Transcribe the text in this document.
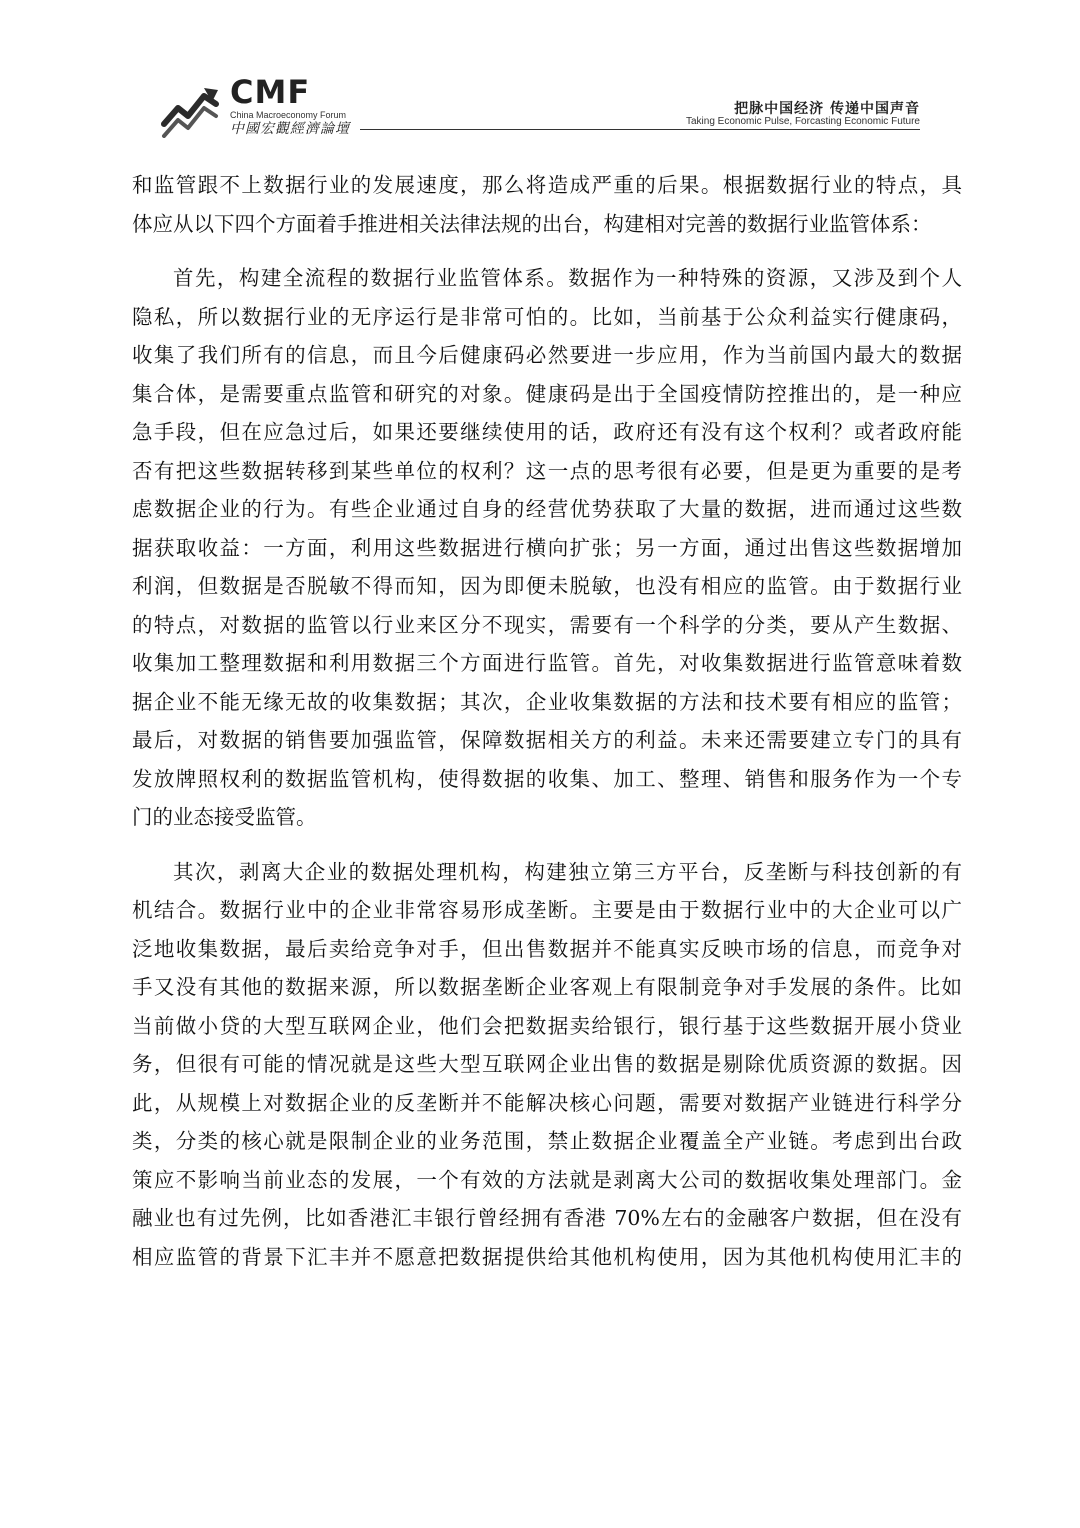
CMF
China Macroeconomy Forum
中國宏觀經濟論壇
把脉中国经济 传递中国声音
Taking Economic Pulse, Forcasting Economic Future
和监管跟不上数据行业的发展速度，那么将造成严重的后果。根据数据行业的特点，具
体应从以下四个方面着手推进相关法律法规的出台，构建相对完善的数据行业监管体系：
首先，构建全流程的数据行业监管体系。数据作为一种特殊的资源，又涉及到个人
隐私，所以数据行业的无序运行是非常可怕的。比如，当前基于公众利益实行健康码，
收集了我们所有的信息，而且今后健康码必然要进一步应用，作为当前国内最大的数据
集合体，是需要重点监管和研究的对象。健康码是出于全国疫情防控推出的，是一种应
急手段，但在应急过后，如果还要继续使用的话，政府还有没有这个权利？或者政府能
否有把这些数据转移到某些单位的权利？这一点的思考很有必要，但是更为重要的是考
虑数据企业的行为。有些企业通过自身的经营优势获取了大量的数据，进而通过这些数
据获取收益：一方面，利用这些数据进行横向扩张；另一方面，通过出售这些数据增加
利润，但数据是否脱敏不得而知，因为即便未脱敏，也没有相应的监管。由于数据行业
的特点，对数据的监管以行业来区分不现实，需要有一个科学的分类，要从产生数据、
收集加工整理数据和利用数据三个方面进行监管。首先，对收集数据进行监管意味着数
据企业不能无缘无故的收集数据；其次，企业收集数据的方法和技术要有相应的监管；
最后，对数据的销售要加强监管，保障数据相关方的利益。未来还需要建立专门的具有
发放牌照权利的数据监管机构，使得数据的收集、加工、整理、销售和服务作为一个专
门的业态接受监管。
其次，剥离大企业的数据处理机构，构建独立第三方平台，反垄断与科技创新的有
机结合。数据行业中的企业非常容易形成垄断。主要是由于数据行业中的大企业可以广
泛地收集数据，最后卖给竞争对手，但出售数据并不能真实反映市场的信息，而竞争对
手又没有其他的数据来源，所以数据垄断企业客观上有限制竞争对手发展的条件。比如
当前做小贷的大型互联网企业，他们会把数据卖给银行，银行基于这些数据开展小贷业
务，但很有可能的情况就是这些大型互联网企业出售的数据是剔除优质资源的数据。因
此，从规模上对数据企业的反垄断并不能解决核心问题，需要对数据产业链进行科学分
类，分类的核心就是限制企业的业务范围，禁止数据企业覆盖全产业链。考虑到出台政
策应不影响当前业态的发展，一个有效的方法就是剥离大公司的数据收集处理部门。金
融业也有过先例，比如香港汇丰银行曾经拥有香港 70%左右的金融客户数据，但在没有
相应监管的背景下汇丰并不愿意把数据提供给其他机构使用，因为其他机构使用汇丰的
